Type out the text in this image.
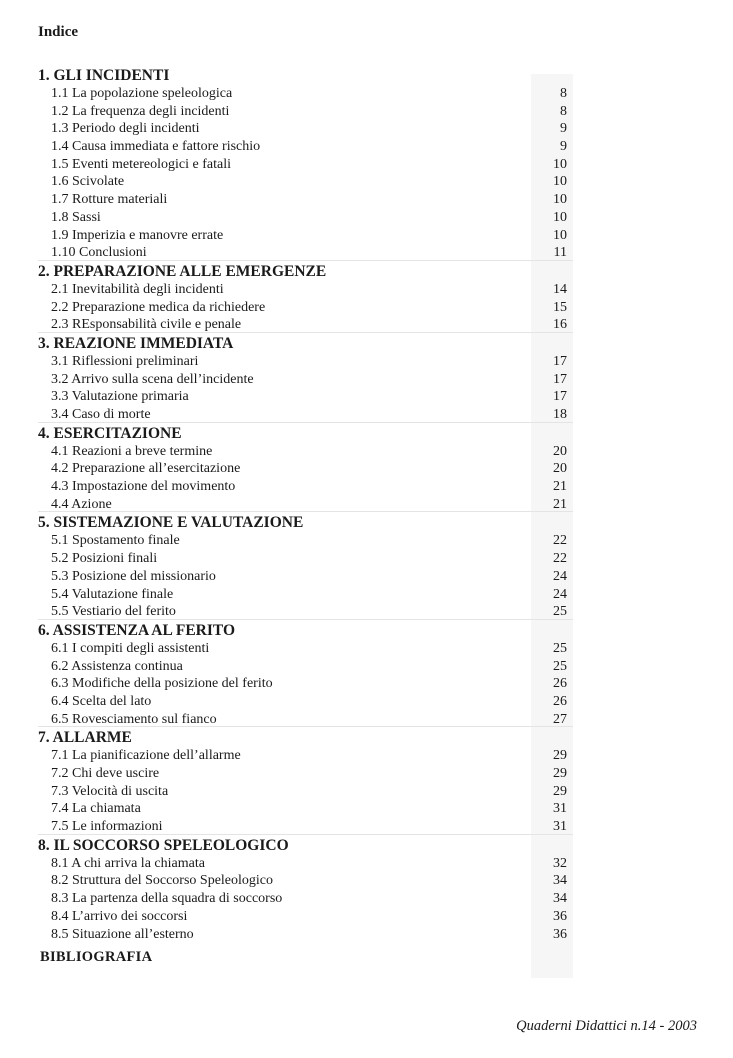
Indice
1. GLI INCIDENTI
1.1 La popolazione speleologica	8
1.2 La frequenza degli incidenti	8
1.3 Periodo degli incidenti	9
1.4 Causa immediata e fattore rischio	9
1.5 Eventi metereologici e fatali	10
1.6 Scivolate	10
1.7 Rotture materiali	10
1.8 Sassi	10
1.9 Imperizia e manovre errate	10
1.10 Conclusioni	11
2. PREPARAZIONE ALLE EMERGENZE
2.1 Inevitabilità degli incidenti	14
2.2 Preparazione medica da richiedere	15
2.3 REsponsabilità civile e penale	16
3. REAZIONE IMMEDIATA
3.1 Riflessioni preliminari	17
3.2 Arrivo sulla scena dell’incidente	17
3.3 Valutazione primaria	17
3.4 Caso di morte	18
4. ESERCITAZIONE
4.1 Reazioni a breve termine	20
4.2 Preparazione all’esercitazione	20
4.3 Impostazione del movimento	21
4.4 Azione	21
5. SISTEMAZIONE E VALUTAZIONE
5.1 Spostamento finale	22
5.2 Posizioni finali	22
5.3 Posizione del missionario	24
5.4 Valutazione finale	24
5.5 Vestiario del ferito	25
6. ASSISTENZA AL FERITO
6.1 I compiti degli assistenti	25
6.2 Assistenza continua	25
6.3 Modifiche della posizione del ferito	26
6.4 Scelta del lato	26
6.5 Rovesciamento sul fianco	27
7. ALLARME
7.1 La pianificazione dell’allarme	29
7.2 Chi deve uscire	29
7.3 Velocità di uscita	29
7.4 La chiamata	31
7.5 Le informazioni	31
8. IL SOCCORSO SPELEOLOGICO
8.1 A chi arriva la chiamata	32
8.2 Struttura del Soccorso Speleologico	34
8.3 La partenza della squadra di soccorso	34
8.4 L’arrivo dei soccorsi	36
8.5 Situazione all’esterno	36
BIBLIOGRAFIA
Quaderni Didattici n.14 - 2003
